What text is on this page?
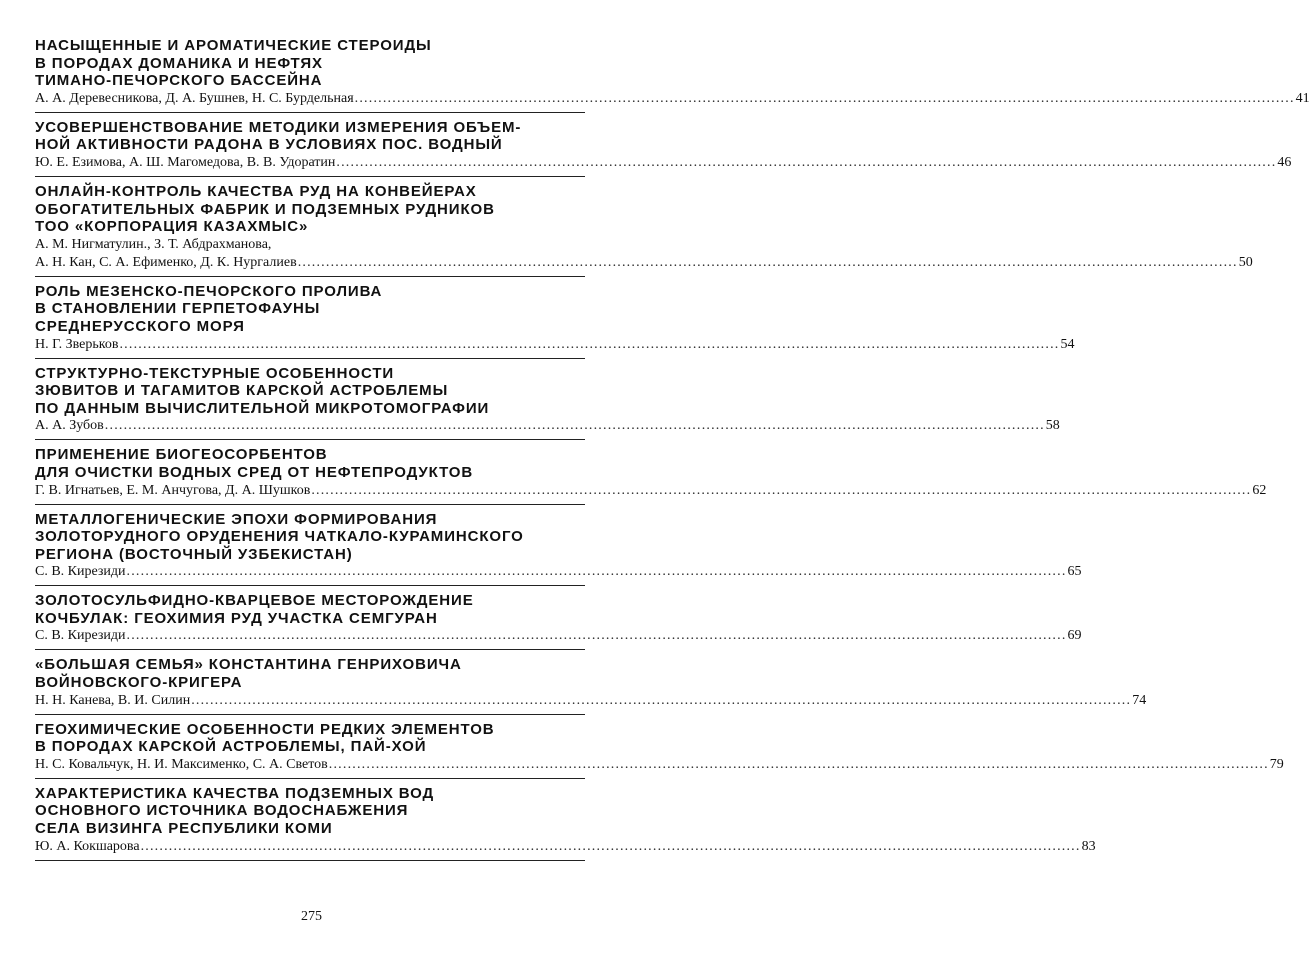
НАСЫЩЕННЫЕ И АРОМАТИЧЕСКИЕ СТЕРОИДЫ
В ПОРОДАХ ДОМАНИКА И НЕФТЯХ
ТИМАНО-ПЕЧОРСКОГО БАССЕЙНА
А. А. Деревесникова, Д. А. Бушнев, Н. С. Бурдельная ........................................................................................................................................................................................................ 41
УСОВЕРШЕНСТВОВАНИЕ МЕТОДИКИ ИЗМЕРЕНИЯ ОБЪЕМ-
НОЙ АКТИВНОСТИ РАДОНА В УСЛОВИЯХ ПОС. ВОДНЫЙ
Ю. Е. Езимова, А. Ш. Магомедова, В. В. Удоратин ........................................................................................................................................................................................................ 46
ОНЛАЙН-КОНТРОЛЬ КАЧЕСТВА РУД НА КОНВЕЙЕРАХ
ОБОГАТИТЕЛЬНЫХ ФАБРИК И ПОДЗЕМНЫХ РУДНИКОВ
ТОО «КОРПОРАЦИЯ КАЗАХМЫС»
А. М. Нигматулин., З. Т. Абдрахманова,
А. Н. Кан, С. А. Ефименко, Д. К. Нургалиев ........................................................................................................................................................................................................ 50
РОЛЬ МЕЗЕНСКО-ПЕЧОРСКОГО ПРОЛИВА
В СТАНОВЛЕНИИ ГЕРПЕТОФАУНЫ
СРЕДНЕРУССКОГО МОРЯ
Н. Г. Зверьков ........................................................................................................................................................................................................ 54
СТРУКТУРНО-ТЕКСТУРНЫЕ ОСОБЕННОСТИ
ЗЮВИТОВ И ТАГАМИТОВ КАРСКОЙ АСТРОБЛЕМЫ
ПО ДАННЫМ ВЫЧИСЛИТЕЛЬНОЙ МИКРОТОМОГРАФИИ
А. А. Зубов ........................................................................................................................................................................................................ 58
ПРИМЕНЕНИЕ БИОГЕОСОРБЕНТОВ
ДЛЯ ОЧИСТКИ ВОДНЫХ СРЕД ОТ НЕФТЕПРОДУКТОВ
Г. В. Игнатьев, Е. М. Анчугова, Д. А. Шушков ........................................................................................................................................................................................................ 62
МЕТАЛЛОГЕНИЧЕСКИЕ ЭПОХИ ФОРМИРОВАНИЯ
ЗОЛОТОРУДНОГО ОРУДЕНЕНИЯ ЧАТКАЛО-КУРАМИНСКОГО
РЕГИОНА (ВОСТОЧНЫЙ УЗБЕКИСТАН)
С. В. Кирезиди ........................................................................................................................................................................................................ 65
ЗОЛОТОСУЛЬФИДНО-КВАРЦЕВОЕ МЕСТОРОЖДЕНИЕ
КОЧБУЛАК: ГЕОХИМИЯ РУД УЧАСТКА СЕМГУРАН
С. В. Кирезиди ........................................................................................................................................................................................................ 69
«БОЛЬШАЯ СЕМЬЯ» КОНСТАНТИНА ГЕНРИХОВИЧА
ВОЙНОВСКОГО-КРИГЕРА
Н. Н. Канева, В. И. Силин ........................................................................................................................................................................................................ 74
ГЕОХИМИЧЕСКИЕ ОСОБЕННОСТИ РЕДКИХ ЭЛЕМЕНТОВ
В ПОРОДАХ КАРСКОЙ АСТРОБЛЕМЫ, ПАЙ-ХОЙ
Н. С. Ковальчук, Н. И. Максименко, С. А. Светов ........................................................................................................................................................................................................ 79
ХАРАКТЕРИСТИКА КАЧЕСТВА ПОДЗЕМНЫХ ВОД
ОСНОВНОГО ИСТОЧНИКА ВОДОСНАБЖЕНИЯ
СЕЛА ВИЗИНГА РЕСПУБЛИКИ КОМИ
Ю. А. Кокшарова ........................................................................................................................................................................................................ 83
275
